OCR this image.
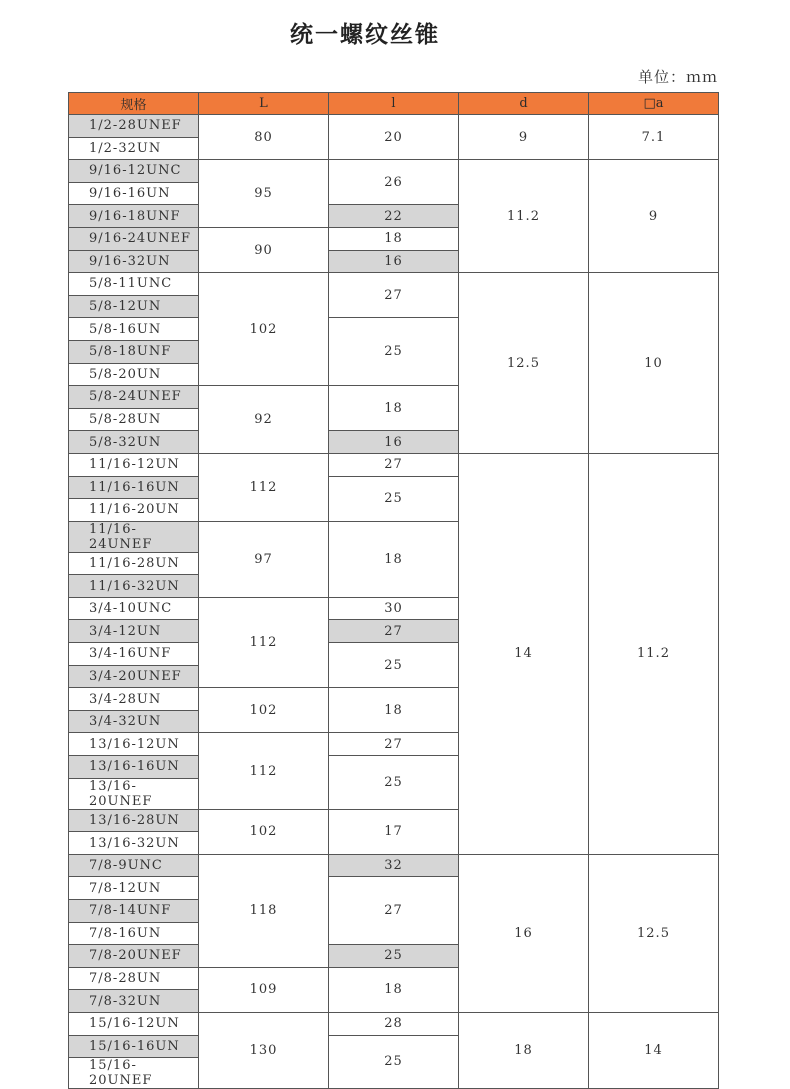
统一螺纹丝锥
单位：ｍｍ
规格	L	l	d	□a
1/2-28UNEF	80	20	9	7.1
1/2-32UN				
9/16-12UNC	95	26	11.2	9
9/16-16UN				
9/16-18UNF		22		
9/16-24UNEF	90	18		
9/16-32UN		16		
5/8-11UNC	102	27	12.5	10
5/8-12UN				
5/8-16UN		25		
5/8-18UNF				
5/8-20UN				
5/8-24UNEF	92	18		
5/8-28UN				
5/8-32UN		16		
11/16-12UN	112	27	14	11.2
11/16-16UN		25		
11/16-20UN				
11/16-24UNEF	97	18		
11/16-28UN				
11/16-32UN				
3/4-10UNC	112	30		
3/4-12UN		27		
3/4-16UNF		25		
3/4-20UNEF				
3/4-28UN	102	18		
3/4-32UN				
13/16-12UN	112	27		
13/16-16UN		25		
13/16-20UNEF				
13/16-28UN	102	17		
13/16-32UN				
7/8-9UNC	118	32	16	12.5
7/8-12UN		27		
7/8-14UNF				
7/8-16UN				
7/8-20UNEF		25		
7/8-28UN	109	18		
7/8-32UN				
15/16-12UN	130	28	18	14
15/16-16UN		25		
15/16-20UNEF				
